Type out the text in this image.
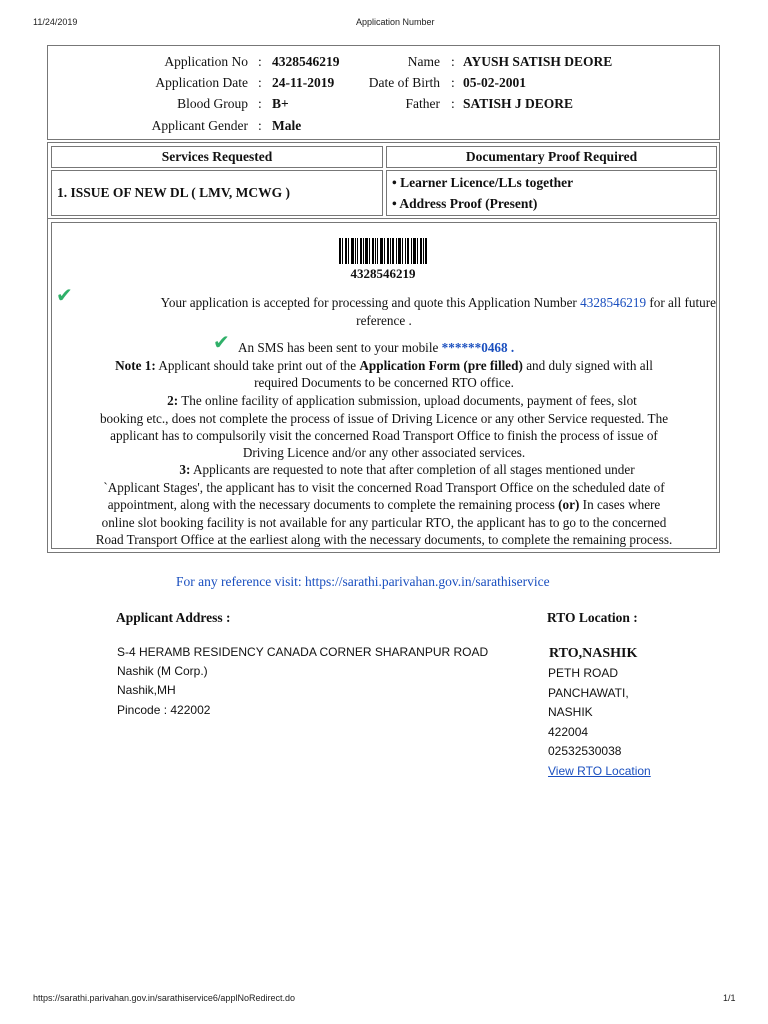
11/24/2019	Application Number
Application No : 4328546219
Application Date : 24-11-2019
Blood Group : B+
Applicant Gender : Male
Name : AYUSH SATISH DEORE
Date of Birth : 05-02-2001
Father : SATISH J DEORE
Services Requested	Documentary Proof Required
1. ISSUE OF NEW DL ( LMV, MCWG )
• Learner Licence/LLs together
• Address Proof (Present)
4328546219
✔	Your application is accepted for processing and quote this Application Number 4328546219 for all future
reference .
✔ An SMS has been sent to your mobile ******0468 .
Note 1: Applicant should take print out of the Application Form (pre filled) and duly signed with all
required Documents to be concerned RTO office.
2: The online facility of application submission, upload documents, payment of fees, slot
booking etc., does not complete the process of issue of Driving Licence or any other Service requested. The
applicant has to compulsorily visit the concerned Road Transport Office to finish the process of issue of
Driving Licence and/or any other associated services.
3: Applicants are requested to note that after completion of all stages mentioned under
`Applicant Stages', the applicant has to visit the concerned Road Transport Office on the scheduled date of
appointment, along with the necessary documents to complete the remaining process (or) In cases where
online slot booking facility is not available for any particular RTO, the applicant has to go to the concerned
Road Transport Office at the earliest along with the necessary documents, to complete the remaining process.
For any reference visit: https://sarathi.parivahan.gov.in/sarathiservice
Applicant Address :
S-4 HERAMB RESIDENCY CANADA CORNER SHARANPUR ROAD
Nashik (M Corp.)
Nashik,MH
Pincode : 422002
RTO Location :
RTO,NASHIK
PETH ROAD
PANCHAWATI,
NASHIK
422004
02532530038
View RTO Location
https://sarathi.parivahan.gov.in/sarathiservice6/applNoRedirect.do	1/1
